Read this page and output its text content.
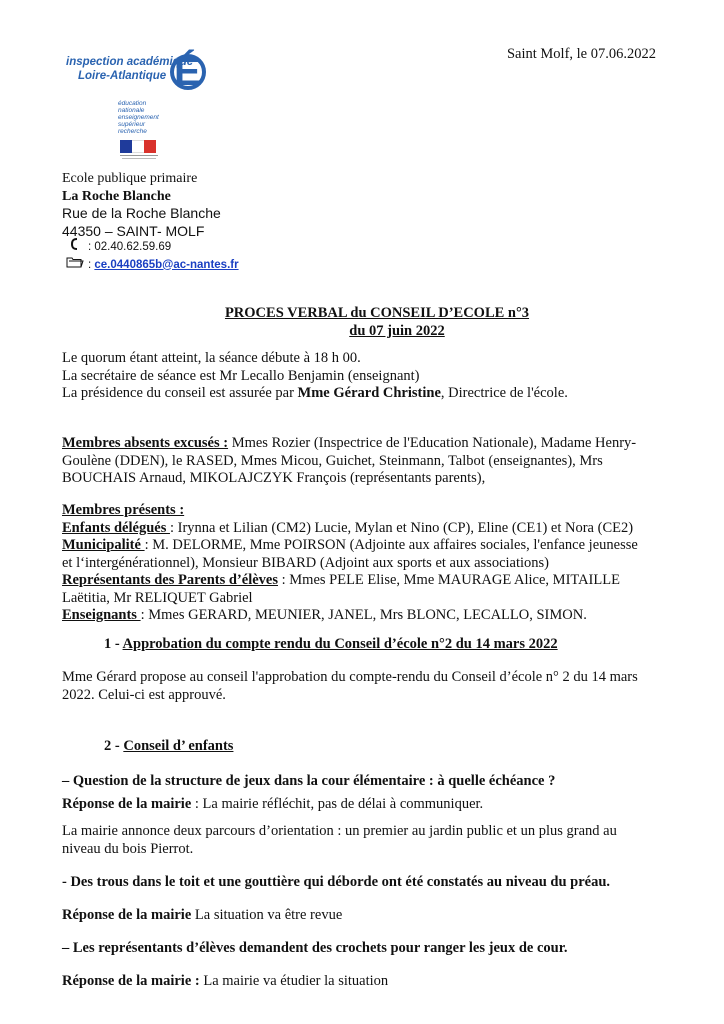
inspection académique
Loire-Atlantique É
éducation
nationale
enseignement
supérieur
recherche
Saint Molf, le 07.06.2022
Ecole publique primaire
La Roche Blanche
Rue de la Roche Blanche
44350 – SAINT- MOLF
: 02.40.62.59.69
: ce.0440865b@ac-nantes.fr
PROCES VERBAL du CONSEIL D’ECOLE n°3
du 07 juin 2022
Le quorum étant atteint, la séance débute à 18 h 00.
La secrétaire de séance est Mr Lecallo Benjamin (enseignant)
La présidence du conseil est assurée par Mme Gérard Christine, Directrice de l'école.
Membres absents excusés : Mmes Rozier (Inspectrice de l'Education Nationale), Madame Henry-
Goulène (DDEN), le RASED, Mmes Micou, Guichet, Steinmann, Talbot (enseignantes), Mrs
BOUCHAIS Arnaud, MIKOLAJCZYK François (représentants parents),
Membres présents :
Enfants délégués : Irynna et Lilian (CM2) Lucie, Mylan et Nino (CP), Eline (CE1) et Nora (CE2)
Municipalité : M. DELORME, Mme POIRSON (Adjointe aux affaires sociales, l'enfance jeunesse
et l‘intergénérationnel), Monsieur BIBARD (Adjoint aux sports et aux associations)
Représentants des Parents d’élèves : Mmes PELE Elise, Mme MAURAGE Alice, MITAILLE
Laëtitia, Mr RELIQUET Gabriel
Enseignants : Mmes GERARD, MEUNIER, JANEL, Mrs BLONC, LECALLO, SIMON.
1 - Approbation du compte rendu du Conseil d’école n°2 du 14 mars 2022
Mme Gérard propose au conseil l'approbation du compte-rendu du Conseil d’école n° 2 du 14 mars
2022. Celui-ci est approuvé.
2 - Conseil d’ enfants
– Question de la structure de jeux dans la cour élémentaire : à quelle échéance ?
Réponse de la mairie : La mairie réfléchit, pas de délai à communiquer.
La mairie annonce deux parcours d’orientation : un premier au jardin public et un plus grand au
niveau du bois Pierrot.
- Des trous dans le toit et une gouttière qui déborde ont été constatés au niveau du préau.
Réponse de la mairie La situation va être revue
– Les représentants d’élèves demandent des crochets pour ranger les jeux de cour.
Réponse de la mairie : La mairie va étudier la situation
